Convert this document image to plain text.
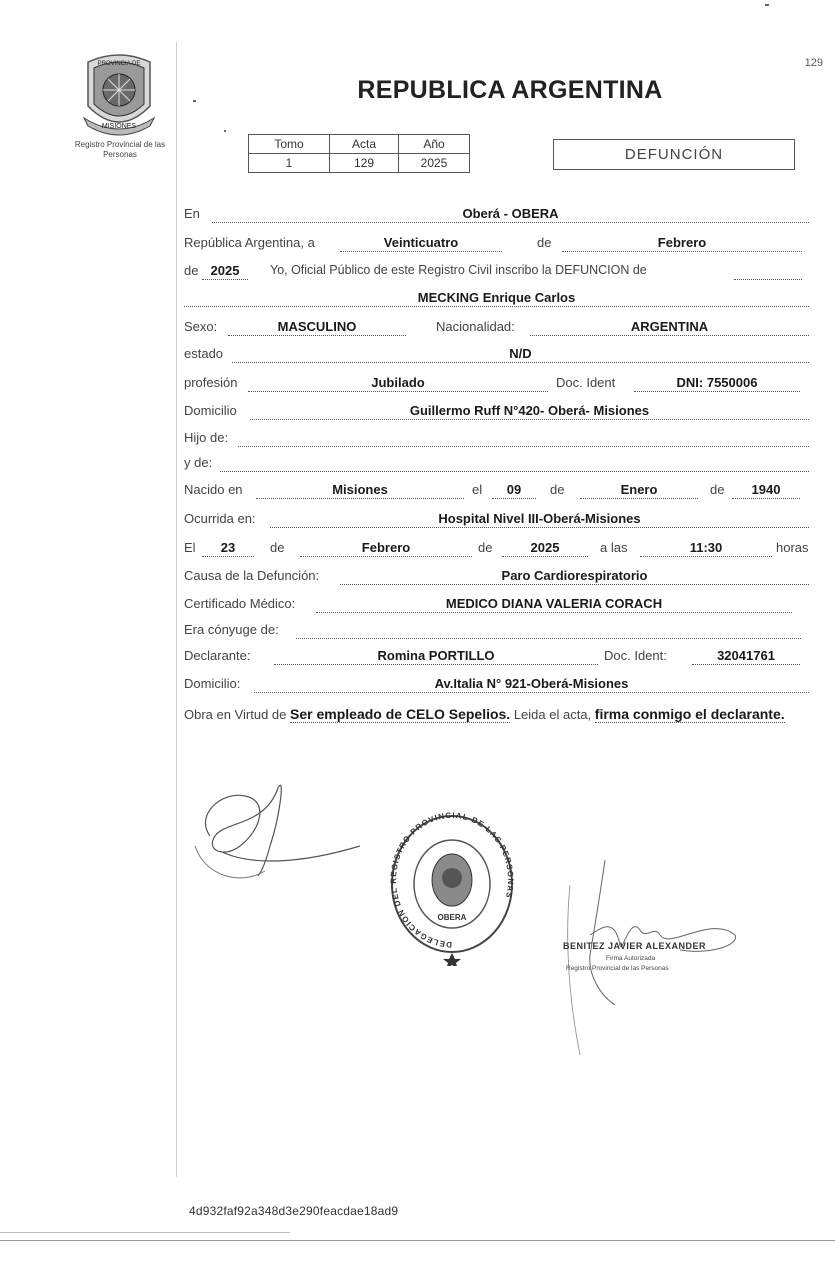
PROVINCIA DE
MISIONES
Registro Provincial de las Personas
129
REPUBLICA ARGENTINA
Tomo	Acta	Año
1	129	2025	DEFUNCIÓN
En	Oberá - OBERA
República Argentina, a	Veinticuatro	de	Febrero
de 2025	Yo, Oficial Público de este Registro Civil inscribo la DEFUNCION de
MECKING Enrique Carlos
Sexo:	MASCULINO	Nacionalidad:	ARGENTINA
estado	N/D
profesión	Jubilado	Doc. Ident	DNI: 7550006
Domicilio	Guillermo Ruff N°420- Oberá- Misiones
Hijo de:
y de:
Nacido en	Misiones	el	09	de	Enero	de	1940
Ocurrida en:	Hospital Nivel III-Oberá-Misiones
El	23	de	Febrero	de	2025	a las	11:30	horas
Causa de la Defunción:	Paro Cardiorespiratorio
Certificado Médico:	MEDICO DIANA VALERIA CORACH
Era cónyuge de:
Declarante:	Romina PORTILLO	Doc. Ident:	32041761
Domicilio:	Av.Italia N° 921-Oberá-Misiones
Obra en Virtud de Ser empleado de CELO Sepelios. Leida el acta, firma conmigo el declarante.
DELEGACION DEL REGISTRO PROVINCIAL DE LAS PERSONAS
OBERA
BENITEZ JAVIER ALEXANDER
Firma Autorizada
Registro Provincial de las Personas
4d932faf92a348d3e290feacdae18ad9
